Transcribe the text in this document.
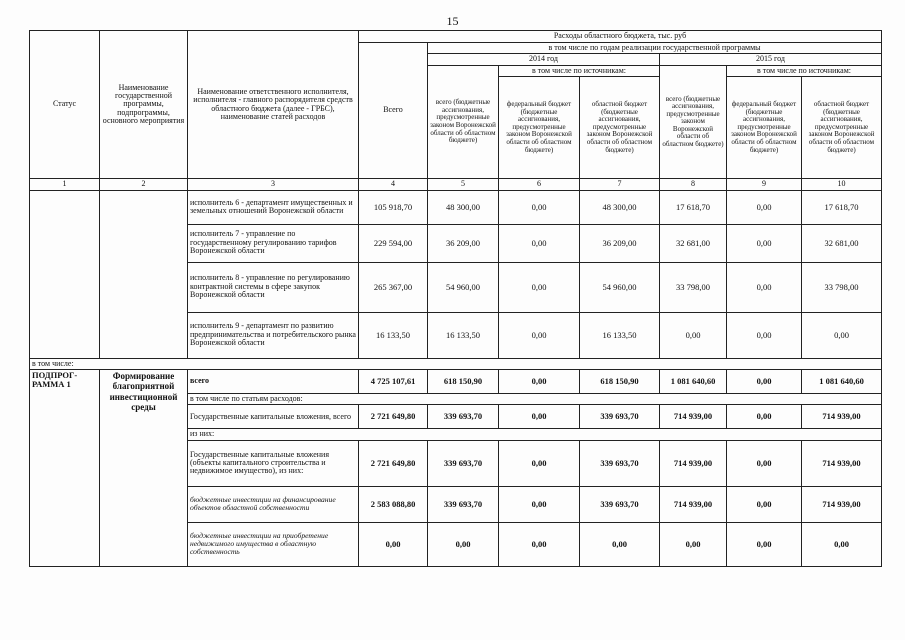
15
Статус	Наименование государственной программы, подпрограммы, основного мероприятия	Наименование ответственного исполнителя, исполнителя - главного распорядителя средств областного бюджета (далее - ГРБС), наименование статей расходов	Расходы областного бюджета, тыс. руб						
			Всего	в том числе по годам реализации государственной программы					
				2014 год			2015 год		
				всего (бюджетные ассигнования, предусмотренные законом Воронежской области об областном бюджете)	в том числе по источникам:		всего (бюджетные ассигнования, предусмотренные законом Воронежской области об областном бюджете)	в том числе по источникам:	
					федеральный бюджет (бюджетные ассигнования, предусмотренные законом Воронежской области об областном бюджете)	областной бюджет (бюджетные ассигнования, предусмотренные законом Воронежской области об областном бюджете)		федеральный бюджет (бюджетные ассигнования, предусмотренные законом Воронежской области об областном бюджете)	областной бюджет (бюджетные ассигнования, предусмотренные законом Воронежской области об областном бюджете)
1	2	3	4	5	6	7	8	9	10
		исполнитель 6 - департамент имущественных и земельных отношений Воронежской области	105 918,70	48 300,00	0,00	48 300,00	17 618,70	0,00	17 618,70
		исполнитель 7 - управление по государственному регулированию тарифов Воронежской области	229 594,00	36 209,00	0,00	36 209,00	32 681,00	0,00	32 681,00
		исполнитель 8 - управление по регулированию контрактной системы в сфере закупок Воронежской области	265 367,00	54 960,00	0,00	54 960,00	33 798,00	0,00	33 798,00
		исполнитель 9 - департамент по развитию предпринимательства и потребительского рынка Воронежской области	16 133,50	16 133,50	0,00	16 133,50	0,00	0,00	0,00
в том числе:									
ПОДПРОГ-РАММА 1	Формирование благоприятной инвестиционной среды	всего	4 725 107,61	618 150,90	0,00	618 150,90	1 081 640,60	0,00	1 081 640,60
		в том числе по статьям расходов:							
		Государственные капитальные вложения, всего	2 721 649,80	339 693,70	0,00	339 693,70	714 939,00	0,00	714 939,00
		из них:							
		Государственные капитальные вложения (объекты капитального строительства и недвижимое имущество), из них:	2 721 649,80	339 693,70	0,00	339 693,70	714 939,00	0,00	714 939,00
		бюджетные инвестиции на финансирование объектов областной собственности	2 583 088,80	339 693,70	0,00	339 693,70	714 939,00	0,00	714 939,00
		бюджетные инвестиции на приобретение недвижимого имущества в областную собственность	0,00	0,00	0,00	0,00	0,00	0,00	0,00
